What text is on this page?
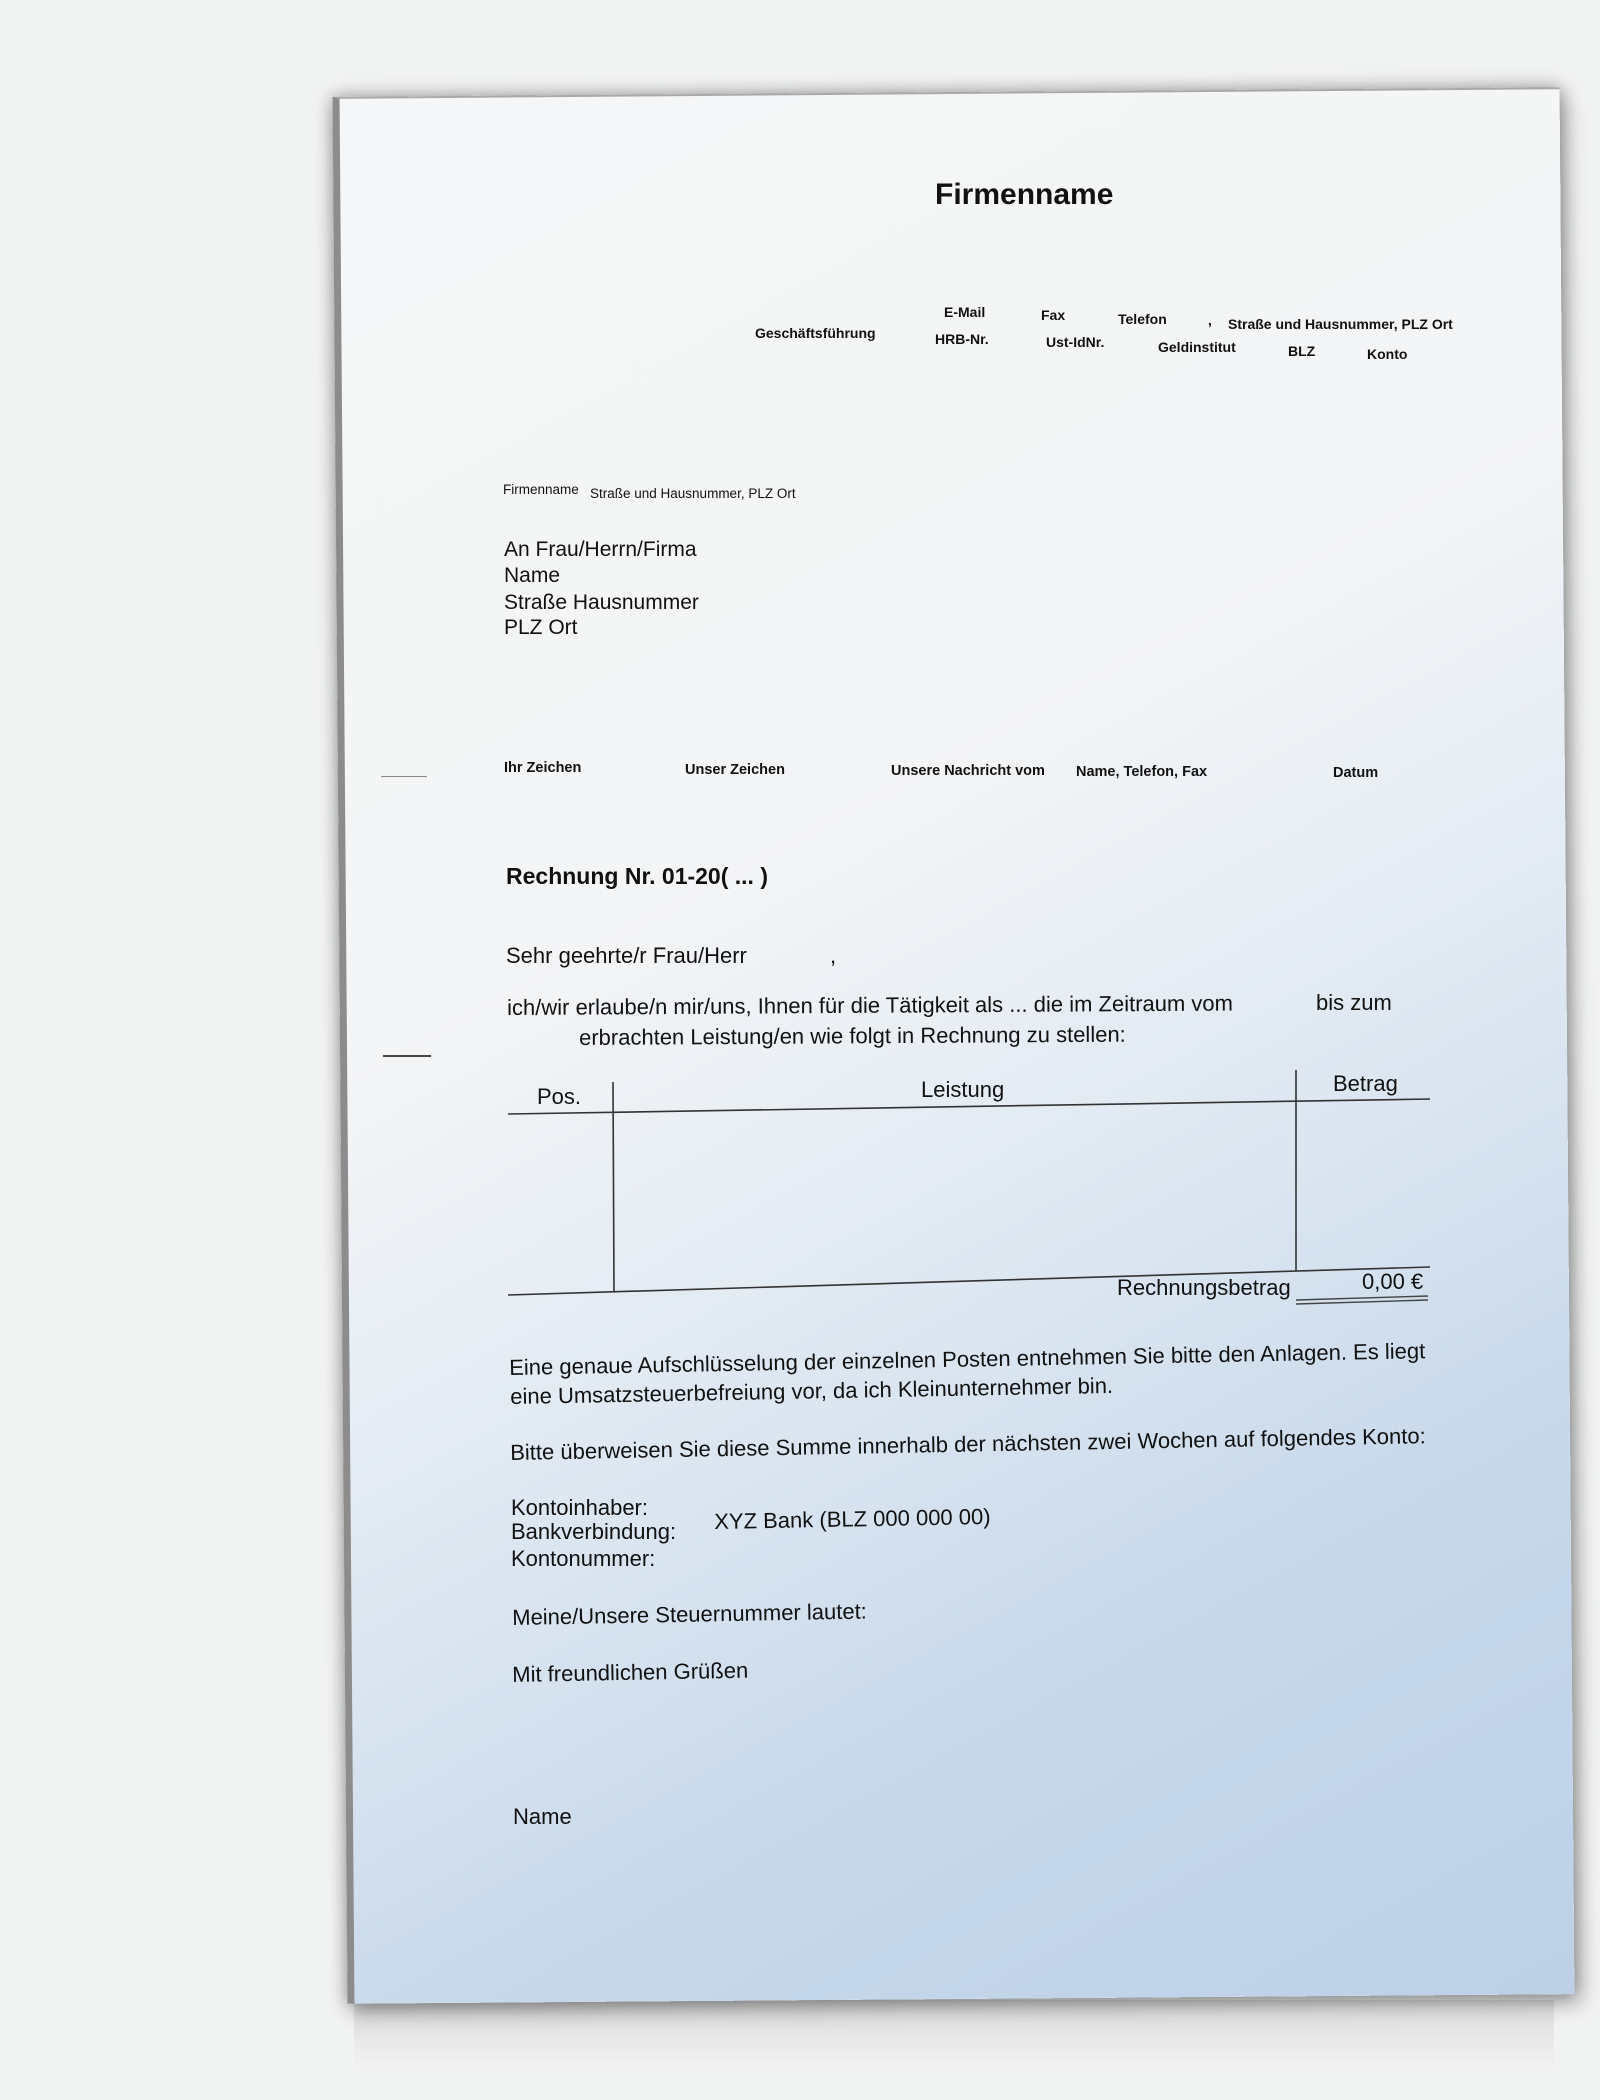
Firmenname
E-Mail	Fax	Telefon	, Straße und Hausnummer, PLZ Ort
Geschäftsführung	HRB-Nr.	Ust-IdNr.	Geldinstitut	BLZ	Konto
Firmenname Straße und Hausnummer, PLZ Ort
An Frau/Herrn/Firma
Name
Straße Hausnummer
PLZ Ort
Ihr Zeichen	Unser Zeichen	Unsere Nachricht vom Name, Telefon, Fax	Datum
Rechnung Nr. 01-20( ... )
Sehr geehrte/r Frau/Herr	,
ich/wir erlaube/n mir/uns, Ihnen für die Tätigkeit als ... die im Zeitraum vom	bis zum
erbrachten Leistung/en wie folgt in Rechnung zu stellen:
Pos.	Leistung	Betrag
Rechnungsbetrag	0,00 €
Eine genaue Aufschlüsselung der einzelnen Posten entnehmen Sie bitte den Anlagen. Es liegt
eine Umsatzsteuerbefreiung vor, da ich Kleinunternehmer bin.
Bitte überweisen Sie diese Summe innerhalb der nächsten zwei Wochen auf folgendes Konto:
Kontoinhaber:
Bankverbindung: XYZ Bank (BLZ 000 000 00)
Kontonummer:
Meine/Unsere Steuernummer lautet:
Mit freundlichen Grüßen
Name
